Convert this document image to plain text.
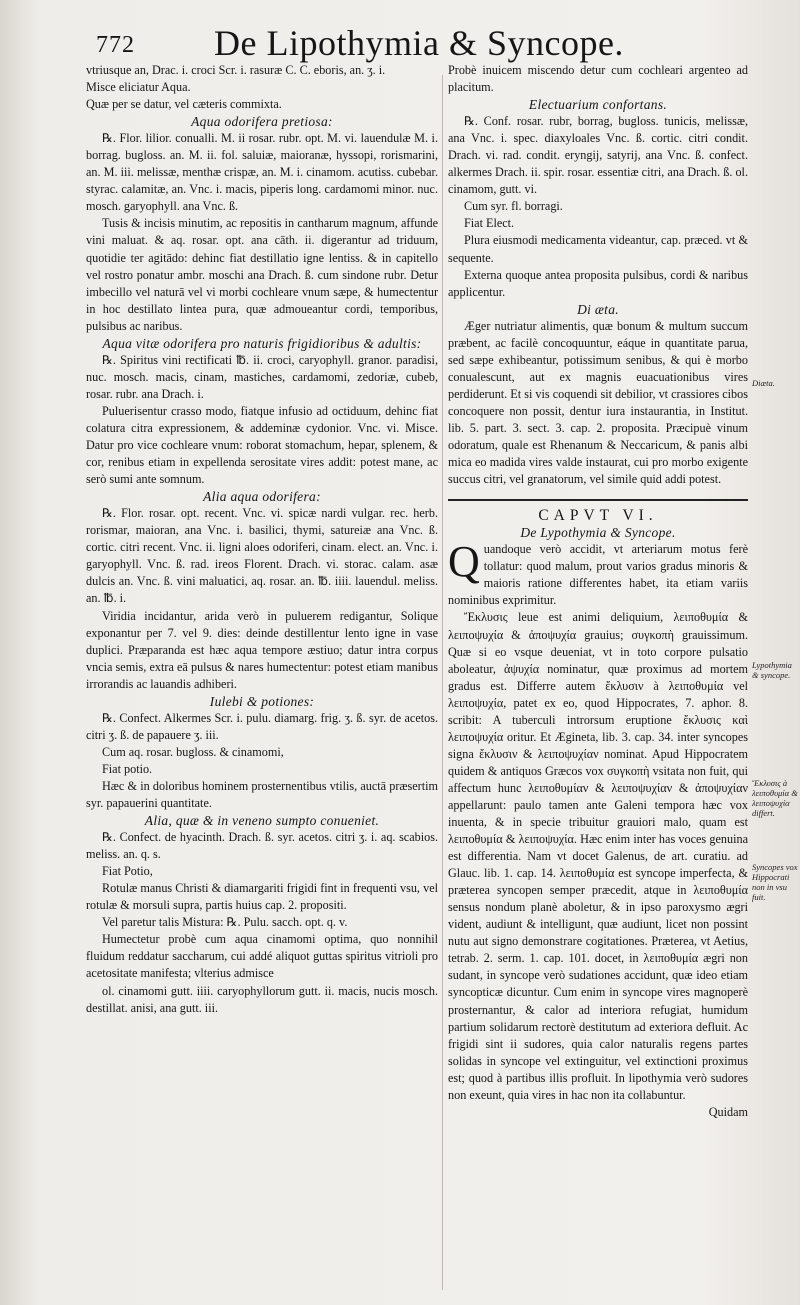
772 De Lipothymia & Syncope.

vtriusque an, Drac. i. croci Scr. i. rasuræ C. C. eboris, an. ʒ. i.

Misce eliciatur Aqua.

Quæ per se datur, vel cæteris commixta.

Aqua odorifera pretiosa:

℞. Flor. lilior. conualli. M. ii rosar. rubr. opt. M. vi. lauendulæ M. i. borrag. bugloss. an. M. ii. fol. saluiæ, maioranæ, hyssopi, rorismarini, an. M. iii. melissæ, menthæ crispæ, an. M. i. cinamom. acutiss. cubebar. styrac. calamitæ, an. Vnc. i. macis, piperis long. cardamomi minor. nuc. mosch. garyophyll. ana Vnc. ß.

Tusis & incisis minutim, ac repositis in cantharum magnum, affunde vini maluat. & aq. rosar. opt. ana cāth. ii. digerantur ad triduum, quotidie ter agitādo: dehinc fiat destillatio igne lentiss. & in capitello vel rostro ponatur ambr. moschi ana Drach. ß. cum sindone rubr. Detur imbecillo vel naturā vel vi morbi cochleare vnum sæpe, & humectentur in hoc destillato lintea pura, quæ admoueantur cordi, temporibus, pulsibus ac naribus.

Aqua vitæ odorifera pro naturis frigidioribus & adultis:

℞. Spiritus vini rectificati ℔. ii. croci, caryophyll. granor. paradisi, nuc. mosch. macis, cinam, mastiches, cardamomi, zedoriæ, cubeb, rosar. rubr. ana Drach. i.

Puluerisentur crasso modo, fiatque infusio ad octiduum, dehinc fiat colatura citra expressionem, & addeminæ cydonior. Vnc. vi. Misce. Datur pro vice cochleare vnum: roborat stomachum, hepar, splenem, & cor, renibus etiam in expellenda serositate vires addit: potest mane, ac serò sumi ante somnum.

Alia aqua odorifera:

℞. Flor. rosar. opt. recent. Vnc. vi. spicæ nardi vulgar. rec. herb. rorismar, maioran, ana Vnc. i. basilici, thymi, satureiæ ana Vnc. ß. cortic. citri recent. Vnc. ii. ligni aloes odoriferi, cinam. elect. an. Vnc. i. garyophyll. Vnc. ß. rad. ireos Florent. Drach. vi. storac. calam. asæ dulcis an. Vnc. ß. vini maluatici, aq. rosar. an. ℔. iiii. lauendul. meliss. an. ℔. i.

Viridia incidantur, arida verò in puluerem redigantur, Solique exponantur per 7. vel 9. dies: deinde destillentur lento igne in vase duplici. Præparanda est hæc aqua tempore æstiuo; datur intra corpus vncia semis, extra eā pulsus & nares humectentur: potest etiam manibus irrorandis ac lauandis adhiberi.

Iulebi & potiones:

℞. Confect. Alkermes Scr. i. pulu. diamarg. frig. ʒ. ß. syr. de acetos. citri ʒ. ß. de papauere ʒ. iii.

Cum aq. rosar. bugloss. & cinamomi,

Fiat potio.

Hæc & in doloribus hominem prosternentibus vtilis, auctā præsertim syr. papauerini quantitate.

Alia, quæ & in veneno sumpto conueniet.

℞. Confect. de hyacinth. Drach. ß. syr. acetos. citri ʒ. i. aq. scabios. meliss. an. q. s.

Fiat Potio,

Rotulæ manus Christi & diamargariti frigidi fint in frequenti vsu, vel rotulæ & morsuli supra, partis huius cap. 2. propositi.

Vel paretur talis Mistura: ℞. Pulu. sacch. opt. q. v.

Humectetur probè cum aqua cinamomi optima, quo nonnihil fluidum reddatur saccharum, cui addé aliquot guttas spiritus vitrioli pro acetositate manifesta; vlterius admisce

ol. cinamomi gutt. iiii. caryophyllorum gutt. ii. macis, nucis mosch. destillat. anisi, ana gutt. iii.

Probè inuicem miscendo detur cum cochleari argenteo ad placitum.

Electuarium confortans.

℞. Conf. rosar. rubr, borrag, bugloss. tunicis, melissæ, ana Vnc. i. spec. diaxyloales Vnc. ß. cortic. citri condit. Drach. vi. rad. condit. eryngij, satyrij, ana Vnc. ß. confect. alkermes Drach. ii. spir. rosar. essentiæ citri, ana Drach. ß. ol. cinamom, gutt. vi.

Cum syr. fl. borragi.

Fiat Elect.

Plura eiusmodi medicamenta videantur, cap. præced. vt & sequente.

Externa quoque antea proposita pulsibus, cordi & naribus applicentur.

Di æta.

Æger nutriatur alimentis, quæ bonum & multum succum præbent, ac facilè concoquuntur, eáque in quantitate parua, sed sæpe exhibeantur, potissimum senibus, & qui è morbo conualescunt, aut ex magnis euacuationibus vires perdiderunt. Et si vis coquendi sit debilior, vt crassiores cibos concoquere non possit, dentur iura instaurantia, in Institut. lib. 5. part. 3. sect. 3. cap. 2. proposita. Præcipuè vinum odoratum, quale est Rhenanum & Neccaricum, & panis albi mica eo madida vires valde instaurat, cui pro morbo exigente succus citri, vel granatorum, vel simile quid addi potest.

CAPVT VI.

De Lypothymia & Syncope.

Quandoque verò accidit, vt arteriarum motus ferè tollatur: quod malum, prout varios gradus minoris & maioris ratione differentes habet, ita etiam variis nominibus exprimitur.

Ἔκλυσις leue est animi deliquium, λειποθυμία & λειποψυχία & ἀποψυχία grauius; συγκοπὴ grauissimum. Quæ si eo vsque deueniat, vt in toto corpore pulsatio aboleatur, ἀψυχία nominatur, quæ proximus ad mortem gradus est. Differre autem ἔκλυσιν à λειποθυμία vel λειποψυχία, patet ex eo, quod Hippocrates, 7. aphor. 8. scribit: A tuberculi introrsum eruptione ἔκλυσις καὶ λειποψυχία oritur. Et Æginetа, lib. 3. cap. 34. inter syncopes signa ἔκλυσιν & λειποψυχίαν nominat. Apud Hippocratem quidem & antiquos Græcos vox συγκοπὴ vsitata non fuit, qui affectum hunc λειποθυμίαν & λειποψυχίαν & ἀποψυχίαν appellarunt: paulo tamen ante Galeni tempora hæc vox inuenta, & in specie tribuitur grauiori malo, quam est λειποθυμία & λειποψυχία. Hæc enim inter has voces genuina est differentia. Nam vt docet Galenus, de art. curatiu. ad Glauc. lib. 1. cap. 14. λειποθυμία est syncope imperfecta, & præterea syncopen semper præcedit, atque in λειποθυμία sensus nondum planè aboletur, & in ipso paroxysmo ægri vident, audiunt & intelligunt, quæ audiunt, licet non possint nutu aut signo demonstrare cogitationes. Præterea, vt Aetius, tetrab. 2. serm. 1. cap. 101. docet, in λειποθυμία ægri non sudant, in syncope verò sudationes accidunt, quæ ideo etiam syncopticæ dicuntur. Cum enim in syncope vires magnoperè prosternantur, & calor ad interiora refugiat, humidum partium solidarum rectorè destitutum ad exteriora defluit. Ac frigidi sint ii sudores, quia calor naturalis regens partes solidas in syncope vel extinguitur, vel extinctioni proximus est; quod à partibus illis profluit. In lipothymia verò sudores non exeunt, quia vires in hac non ita collabuntur.

Quidam

Diæta.
Lypothymia & syncope.
Ἔκλυσις à λειποθυμία & λειποψυχία differt.
Syncopes vox Hippocrati non in vsu fuit.
